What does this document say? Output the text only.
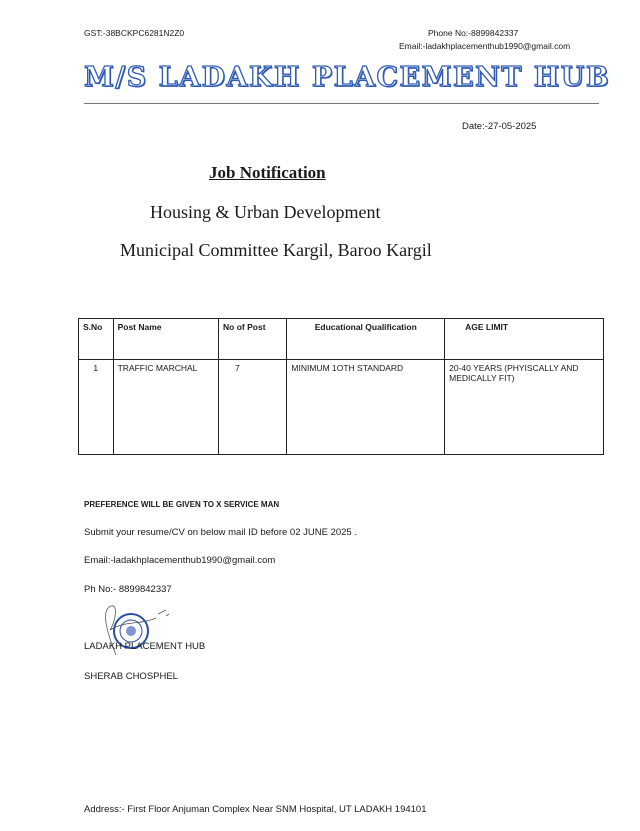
GST:-38BCKPC6281N2Z0	Phone No:-8899842337
Email:-ladakhplacementhub1990@gmail.com
M/S LADAKH PLACEMENT HUB
Date:-27-05-2025
Job Notification
Housing & Urban Development
Municipal Committee Kargil, Baroo Kargil
S.No	Post Name	No of Post	Educational Qualification	AGE LIMIT
1	TRAFFIC MARCHAL	7	MINIMUM 1OTH STANDARD	20-40 YEARS (PHYISCALLY AND MEDICALLY FIT)
PREFERENCE WILL BE GIVEN TO X SERVICE MAN
Submit your resume/CV on below mail ID before 02 JUNE 2025 .
Email:-ladakhplacementhub1990@gmail.com
Ph No:- 8899842337
LADAKH PLACEMENT HUB
SHERAB CHOSPHEL
Address:- First Floor Anjuman Complex Near SNM Hospital, UT LADAKH 194101
